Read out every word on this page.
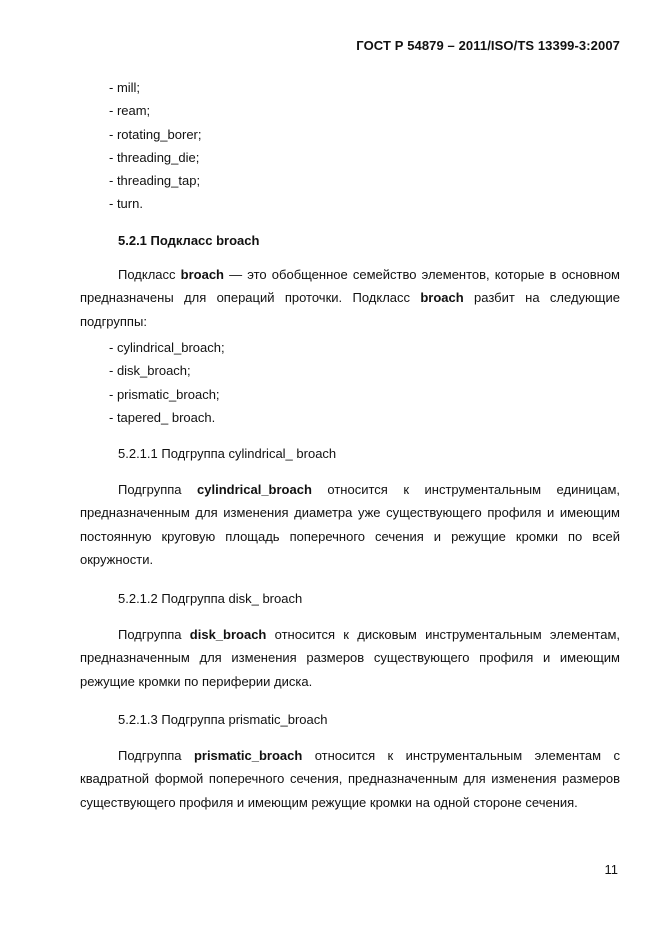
ГОСТ Р 54879 – 2011/ISO/TS 13399-3:2007
- mill;
- ream;
- rotating_borer;
- threading_die;
- threading_tap;
- turn.
5.2.1 Подкласс broach

Подкласс broach — это обобщенное семейство элементов, которые в основном предназначены для операций проточки. Подкласс broach разбит на следующие подгруппы:

- cylindrical_broach;
- disk_broach;
- prismatic_broach;
- tapered_ broach.
5.2.1.1 Подгруппа cylindrical_ broach

Подгруппа cylindrical_broach относится к инструментальным единицам, предназначенным для изменения диаметра уже существующего профиля и имеющим постоянную круговую площадь поперечного сечения и режущие кромки по всей окружности.

5.2.1.2 Подгруппа disk_ broach

Подгруппа disk_broach относится к дисковым инструментальным элементам, предназначенным для изменения размеров существующего профиля и имеющим режущие кромки по периферии диска.

5.2.1.3 Подгруппа prismatic_broach

Подгруппа prismatic_broach относится к инструментальным элементам с квадратной формой поперечного сечения, предназначенным для изменения размеров существующего профиля и имеющим режущие кромки на одной стороне сечения.

11
